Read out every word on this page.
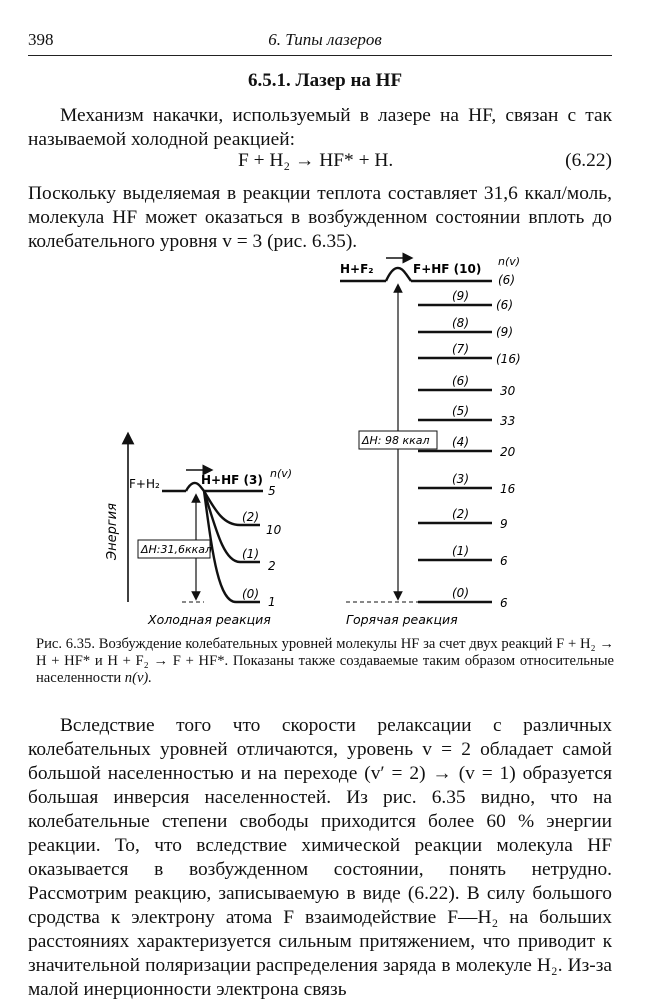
398	6. Типы лазеров
6.5.1. Лазер на HF

Механизм накачки, используемый в лазере на HF, связан с так называемой холодной реакцией:

F + H₂ → HF* + H.	(6.22)

Поскольку выделяемая в реакции теплота составляет 31,6 ккал/моль, молекула HF может оказаться в возбужденном состоянии вплоть до колебательного уровня v = 3 (рис. 6.35).

Энергия
F+H₂	H+HF (3) n(v)
5
(2)
10
(1)
2
(0)
1
ΔH:31,6ккал
Холодная реакция
H+F₂	F+HF (10)
n(v)
(6)
(9)
(6)
(8)
(9)
(7)
(16)
(6)
30
(5)
33
(4)
20
(3)
16
(2)
9
(1)
6
(0)
6
ΔH: 98 ккал
Горячая реакция

Рис. 6.35. Возбуждение колебательных уровней молекулы HF за счет двух реакций F + H₂ → H + HF* и H + F₂ → F + HF*. Показаны также создаваемые таким образом относительные населенности n(v).

Вследствие того что скорости релаксации с различных колебательных уровней отличаются, уровень v = 2 обладает самой большой населенностью и на переходе (v′ = 2) → (v = 1) образуется большая инверсия населенностей. Из рис. 6.35 видно, что на колебательные степени свободы приходится более 60 % энергии реакции. То, что вследствие химической реакции молекула HF оказывается в возбужденном состоянии, понять нетрудно. Рассмотрим реакцию, записываемую в виде (6.22). В силу большого сродства к электрону атома F взаимодействие F—H₂ на больших расстояниях характеризуется сильным притяжением, что приводит к значительной поляризации распределения заряда в молекуле H₂. Из-за малой инерционности электрона связь
